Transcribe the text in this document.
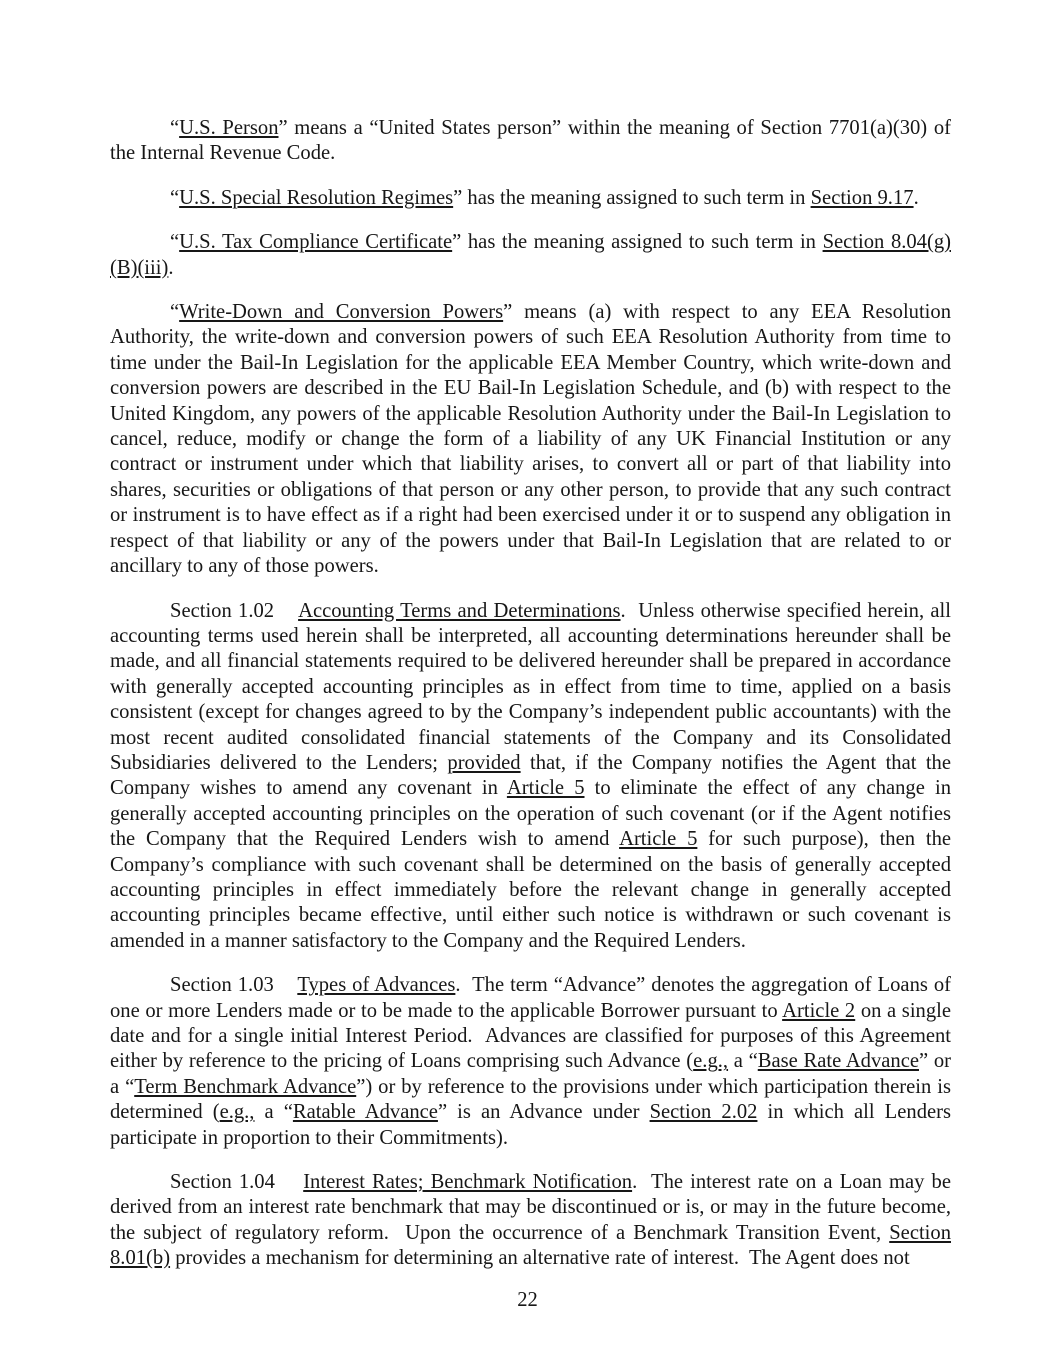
“U.S. Person” means a “United States person” within the meaning of Section 7701(a)(30) of the Internal Revenue Code.

“U.S. Special Resolution Regimes” has the meaning assigned to such term in Section 9.17.

“U.S. Tax Compliance Certificate” has the meaning assigned to such term in Section 8.04(g)(B)(iii).

“Write-Down and Conversion Powers” means (a) with respect to any EEA Resolution Authority, the write-down and conversion powers of such EEA Resolution Authority from time to time under the Bail-In Legislation for the applicable EEA Member Country, which write-down and conversion powers are described in the EU Bail-In Legislation Schedule, and (b) with respect to the United Kingdom, any powers of the applicable Resolution Authority under the Bail-In Legislation to cancel, reduce, modify or change the form of a liability of any UK Financial Institution or any contract or instrument under which that liability arises, to convert all or part of that liability into shares, securities or obligations of that person or any other person, to provide that any such contract or instrument is to have effect as if a right had been exercised under it or to suspend any obligation in respect of that liability or any of the powers under that Bail-In Legislation that are related to or ancillary to any of those powers.

Section 1.02    Accounting Terms and Determinations.  Unless otherwise specified herein, all accounting terms used herein shall be interpreted, all accounting determinations hereunder shall be made, and all financial statements required to be delivered hereunder shall be prepared in accordance with generally accepted accounting principles as in effect from time to time, applied on a basis consistent (except for changes agreed to by the Company’s independent public accountants) with the most recent audited consolidated financial statements of the Company and its Consolidated Subsidiaries delivered to the Lenders; provided that, if the Company notifies the Agent that the Company wishes to amend any covenant in Article 5 to eliminate the effect of any change in generally accepted accounting principles on the operation of such covenant (or if the Agent notifies the Company that the Required Lenders wish to amend Article 5 for such purpose), then the Company’s compliance with such covenant shall be determined on the basis of generally accepted accounting principles in effect immediately before the relevant change in generally accepted accounting principles became effective, until either such notice is withdrawn or such covenant is amended in a manner satisfactory to the Company and the Required Lenders.

Section 1.03    Types of Advances.  The term “Advance” denotes the aggregation of Loans of one or more Lenders made or to be made to the applicable Borrower pursuant to Article 2 on a single date and for a single initial Interest Period.  Advances are classified for purposes of this Agreement either by reference to the pricing of Loans comprising such Advance (e.g., a “Base Rate Advance” or a “Term Benchmark Advance”) or by reference to the provisions under which participation therein is determined (e.g., a “Ratable Advance” is an Advance under Section 2.02 in which all Lenders participate in proportion to their Commitments).

Section 1.04    Interest Rates; Benchmark Notification.  The interest rate on a Loan may be derived from an interest rate benchmark that may be discontinued or is, or may in the future become, the subject of regulatory reform.  Upon the occurrence of a Benchmark Transition Event, Section 8.01(b) provides a mechanism for determining an alternative rate of interest.  The Agent does not

22
